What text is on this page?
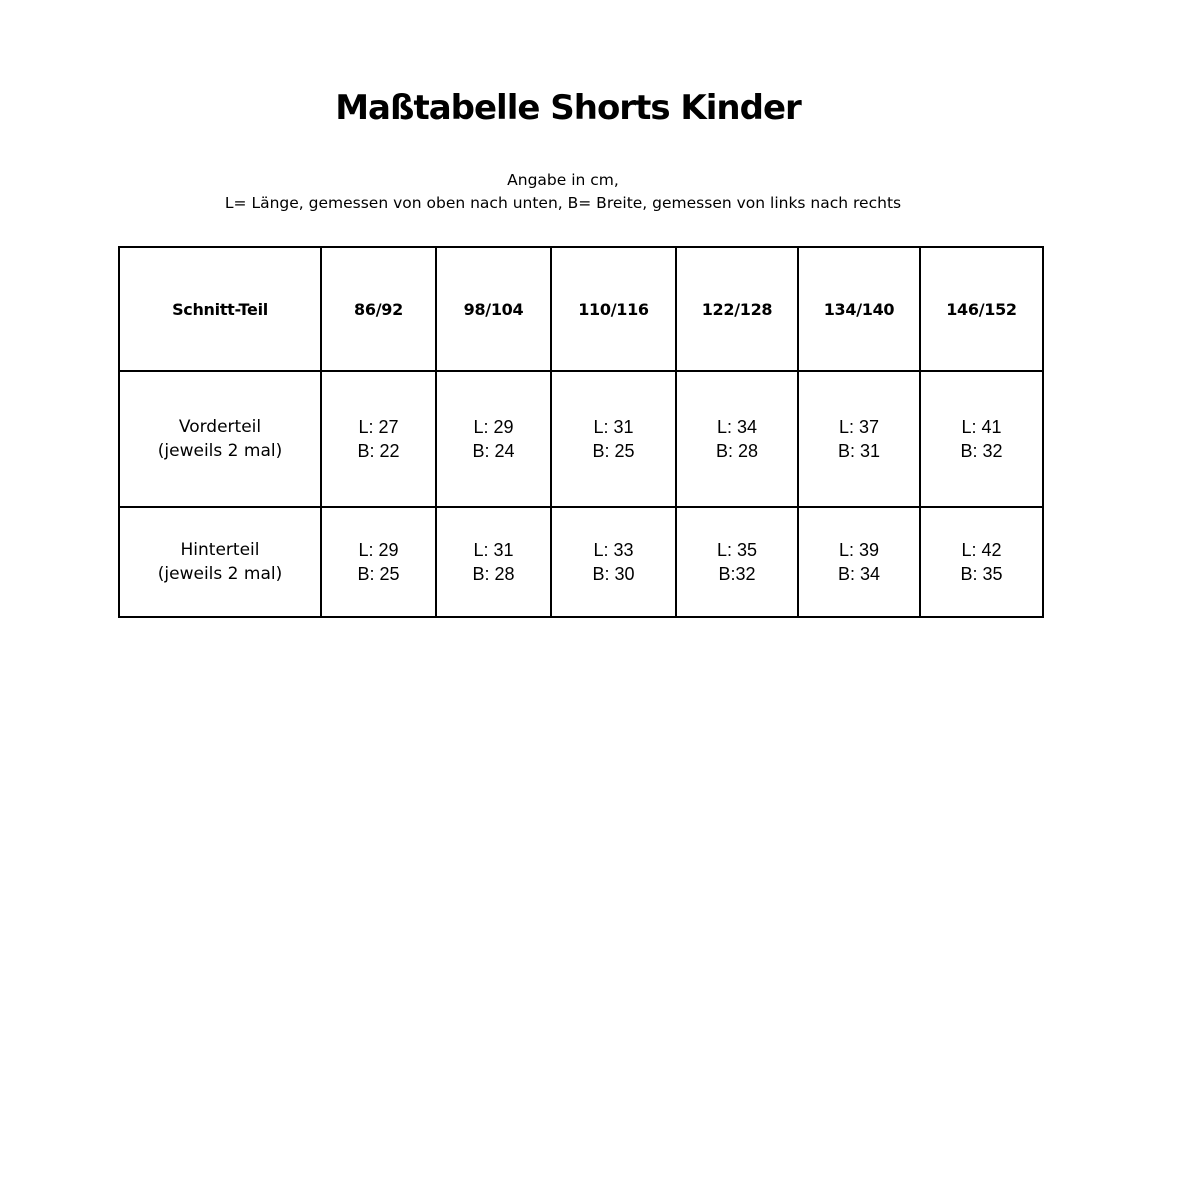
Maßtabelle Shorts Kinder

Angabe in cm,

L= Länge, gemessen von oben nach unten, B= Breite, gemessen von links nach rechts

Schnitt-Teil	86/92	98/104	110/116	122/128	134/140	146/152

Vorderteil
(jeweils 2 mal)	L: 27
B: 22	L: 29
B: 24	L: 31
B: 25	L: 34
B: 28	L: 37
B: 31	L: 41
B: 32

Hinterteil
(jeweils 2 mal)	L: 29
B: 25	L: 31
B: 28	L: 33
B: 30	L: 35
B:32	L: 39
B: 34	L: 42
B: 35
